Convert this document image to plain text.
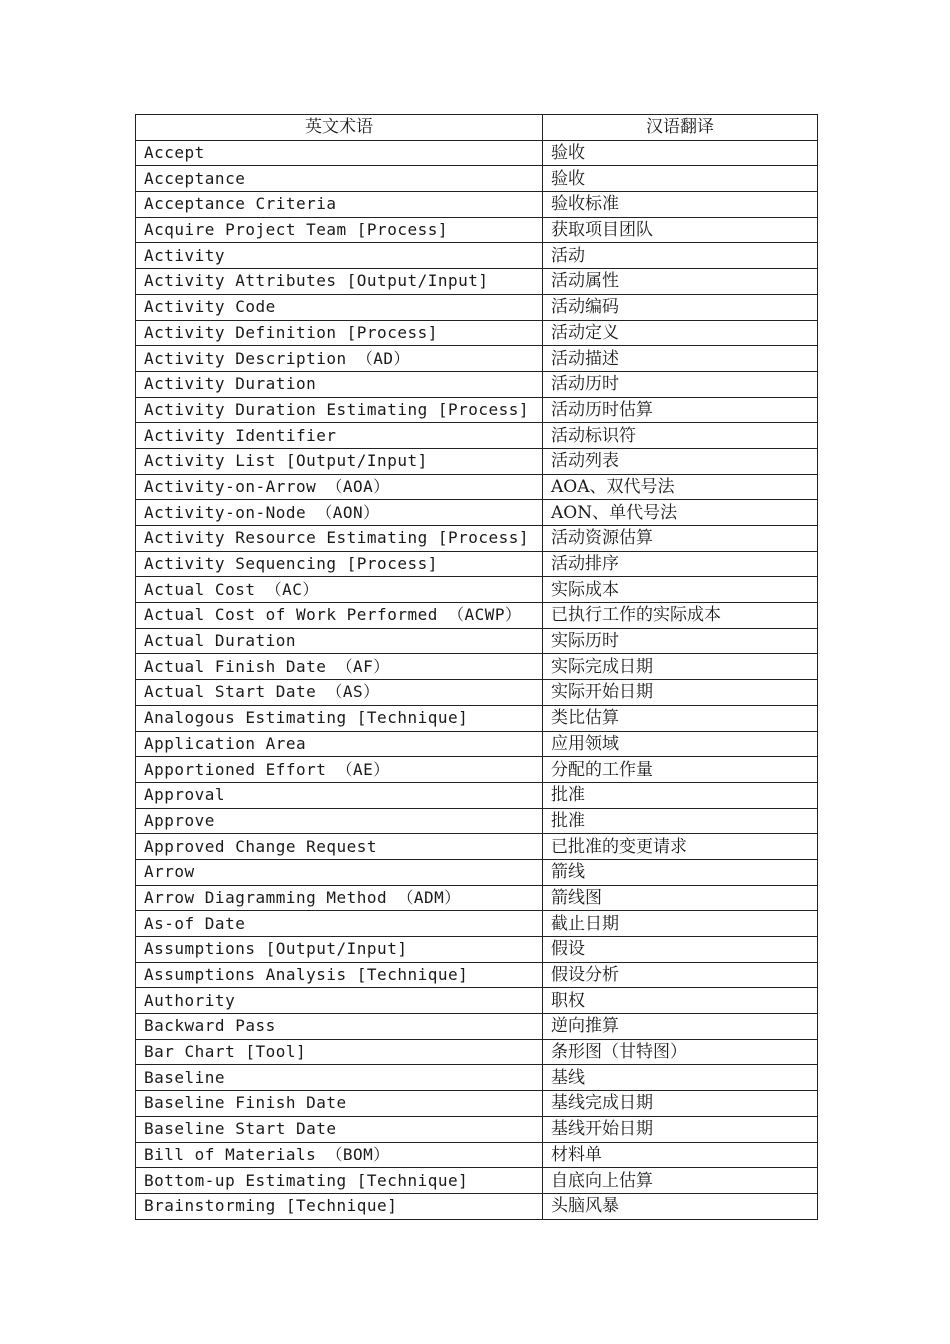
英文术语	汉语翻译
Accept	验收
Acceptance	验收
Acceptance Criteria	验收标准
Acquire Project Team [Process]	获取项目团队
Activity	活动
Activity Attributes [Output/Input]	活动属性
Activity Code	活动编码
Activity Definition [Process]	活动定义
Activity Description （AD）	活动描述
Activity Duration	活动历时
Activity Duration Estimating [Process]	活动历时估算
Activity Identifier	活动标识符
Activity List [Output/Input]	活动列表
Activity-on-Arrow （AOA）	AOA、双代号法
Activity-on-Node （AON）	AON、单代号法
Activity Resource Estimating [Process]	活动资源估算
Activity Sequencing [Process]	活动排序
Actual Cost （AC）	实际成本
Actual Cost of Work Performed （ACWP）	已执行工作的实际成本
Actual Duration	实际历时
Actual Finish Date （AF）	实际完成日期
Actual Start Date （AS）	实际开始日期
Analogous Estimating [Technique]	类比估算
Application Area	应用领域
Apportioned Effort （AE）	分配的工作量
Approval	批准
Approve	批准
Approved Change Request	已批准的变更请求
Arrow	箭线
Arrow Diagramming Method （ADM）	箭线图
As-of Date	截止日期
Assumptions [Output/Input]	假设
Assumptions Analysis [Technique]	假设分析
Authority	职权
Backward Pass	逆向推算
Bar Chart [Tool]	条形图（甘特图）
Baseline	基线
Baseline Finish Date	基线完成日期
Baseline Start Date	基线开始日期
Bill of Materials （BOM）	材料单
Bottom-up Estimating [Technique]	自底向上估算
Brainstorming [Technique]	头脑风暴
